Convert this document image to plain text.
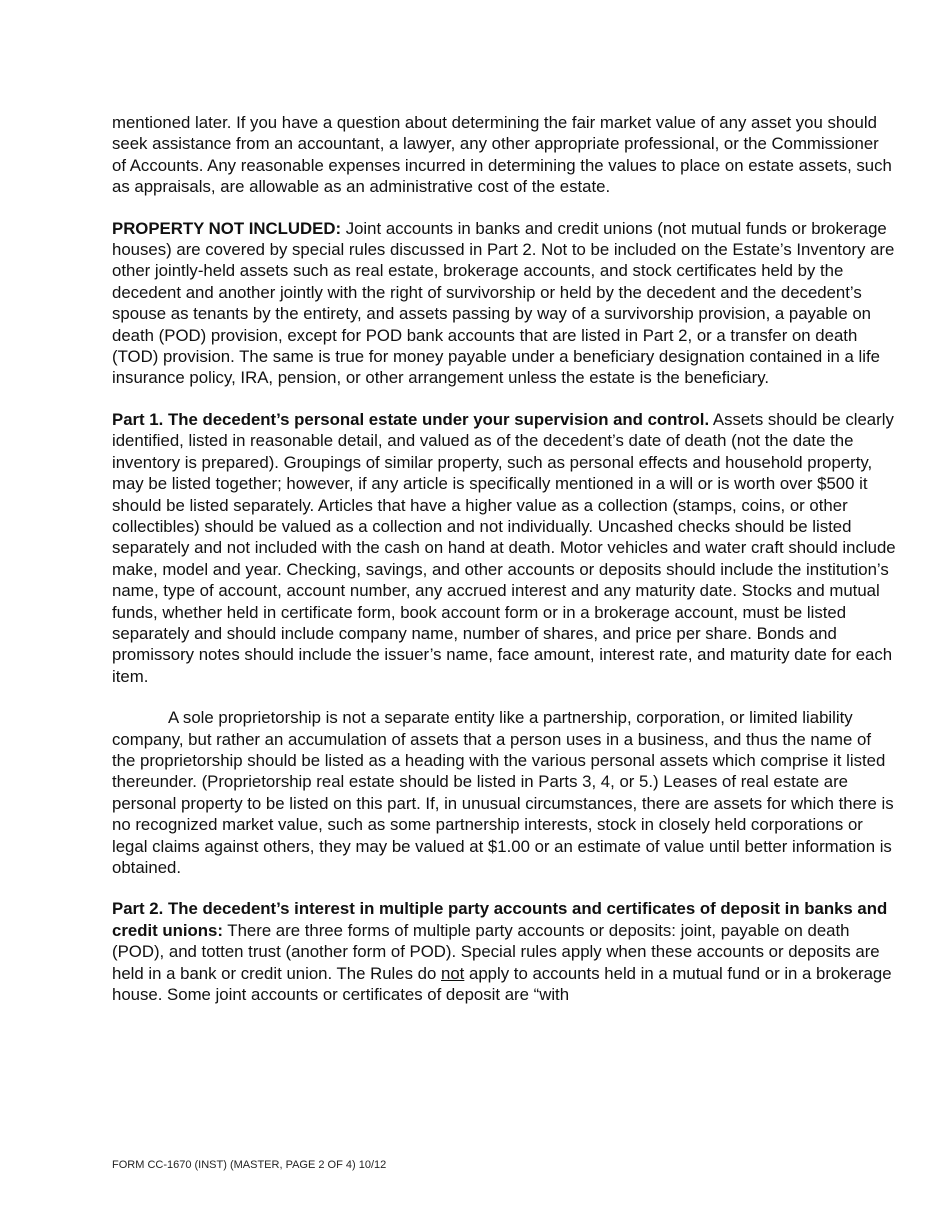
mentioned later. If you have a question about determining the fair market value of any asset you should seek assistance from an accountant, a lawyer, any other appropriate professional, or the Commissioner of Accounts. Any reasonable expenses incurred in determining the values to place on estate assets, such as appraisals, are allowable as an administrative cost of the estate.

PROPERTY NOT INCLUDED: Joint accounts in banks and credit unions (not mutual funds or brokerage houses) are covered by special rules discussed in Part 2. Not to be included on the Estate’s Inventory are other jointly-held assets such as real estate, brokerage accounts, and stock certificates held by the decedent and another jointly with the right of survivorship or held by the decedent and the decedent’s spouse as tenants by the entirety, and assets passing by way of a survivorship provision, a payable on death (POD) provision, except for POD bank accounts that are listed in Part 2, or a transfer on death (TOD) provision. The same is true for money payable under a beneficiary designation contained in a life insurance policy, IRA, pension, or other arrangement unless the estate is the beneficiary.

Part 1. The decedent’s personal estate under your supervision and control. Assets should be clearly identified, listed in reasonable detail, and valued as of the decedent’s date of death (not the date the inventory is prepared). Groupings of similar property, such as personal effects and household property, may be listed together; however, if any article is specifically mentioned in a will or is worth over $500 it should be listed separately. Articles that have a higher value as a collection (stamps, coins, or other collectibles) should be valued as a collection and not individually. Uncashed checks should be listed separately and not included with the cash on hand at death. Motor vehicles and water craft should include make, model and year. Checking, savings, and other accounts or deposits should include the institution’s name, type of account, account number, any accrued interest and any maturity date. Stocks and mutual funds, whether held in certificate form, book account form or in a brokerage account, must be listed separately and should include company name, number of shares, and price per share. Bonds and promissory notes should include the issuer’s name, face amount, interest rate, and maturity date for each item.

A sole proprietorship is not a separate entity like a partnership, corporation, or limited liability company, but rather an accumulation of assets that a person uses in a business, and thus the name of the proprietorship should be listed as a heading with the various personal assets which comprise it listed thereunder. (Proprietorship real estate should be listed in Parts 3, 4, or 5.) Leases of real estate are personal property to be listed on this part. If, in unusual circumstances, there are assets for which there is no recognized market value, such as some partnership interests, stock in closely held corporations or legal claims against others, they may be valued at $1.00 or an estimate of value until better information is obtained.

Part 2. The decedent’s interest in multiple party accounts and certificates of deposit in banks and credit unions: There are three forms of multiple party accounts or deposits: joint, payable on death (POD), and totten trust (another form of POD). Special rules apply when these accounts or deposits are held in a bank or credit union. The Rules do not apply to accounts held in a mutual fund or in a brokerage house. Some joint accounts or certificates of deposit are “with

FORM CC-1670 (INST) (MASTER, PAGE 2 OF 4) 10/12
